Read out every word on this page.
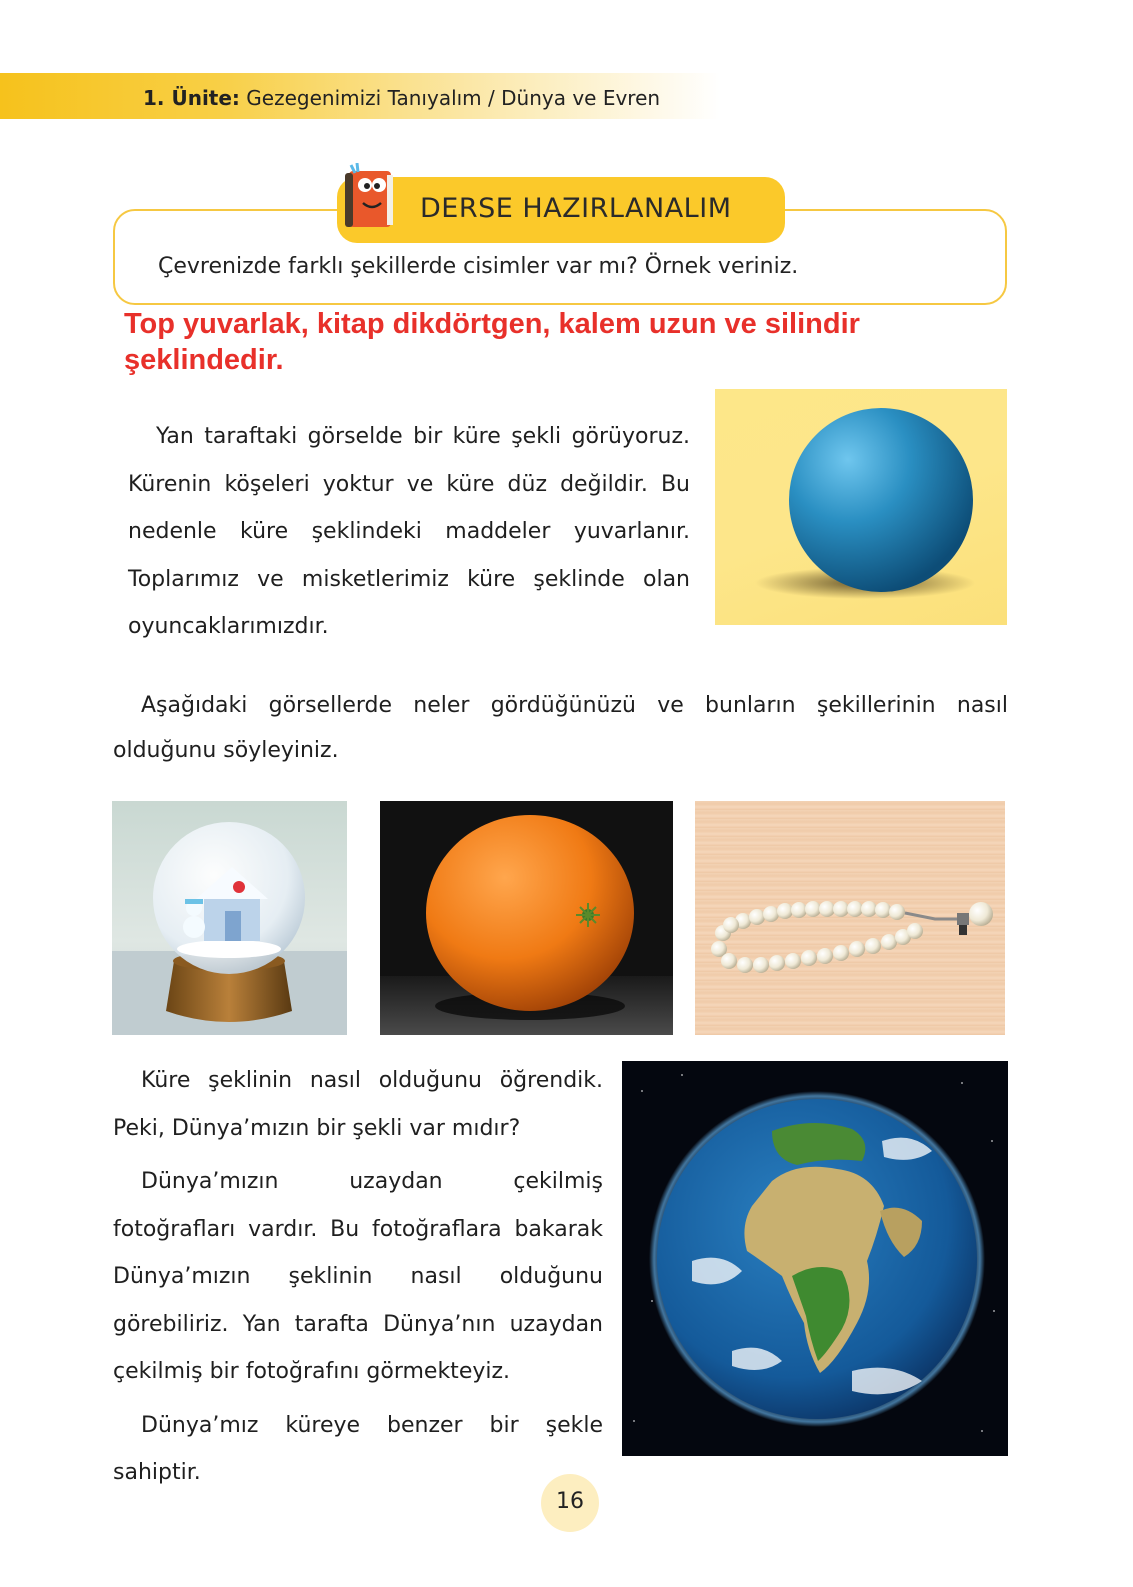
1. Ünite: Gezegenimizi Tanıyalım / Dünya ve Evren
DERSE HAZIRLANALIM
Çevrenizde farklı şekillerde cisimler var mı? Örnek veriniz.
Top yuvarlak, kitap dikdörtgen, kalem uzun ve silindir şeklindedir.
Yan taraftaki görselde bir küre şekli görüyoruz. Kürenin köşeleri yoktur ve küre düz değildir. Bu nedenle küre şeklindeki maddeler yuvarlanır. Toplarımız ve misketlerimiz küre şeklinde olan oyuncaklarımızdır.
Aşağıdaki görsellerde neler gördüğünüzü ve bunların şekillerinin nasıl olduğunu söyleyiniz.
Küre şeklinin nasıl olduğunu öğrendik. Peki, Dünya’mızın bir şekli var mıdır?
Dünya’mızın uzaydan çekilmiş fotoğrafları vardır. Bu fotoğraflara bakarak Dünya’mızın şeklinin nasıl olduğunu görebiliriz. Yan tarafta Dünya’nın uzaydan çekilmiş bir fotoğrafını görmekteyiz.
Dünya’mız küreye benzer bir şekle sahiptir.
16
